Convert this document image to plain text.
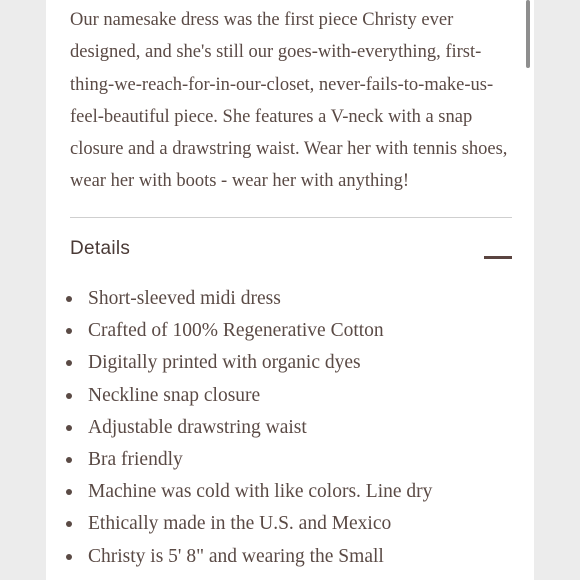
Our namesake dress was the first piece Christy ever designed, and she's still our goes-with-everything, first-thing-we-reach-for-in-our-closet, never-fails-to-make-us-feel-beautiful piece. She features a V-neck with a snap closure and a drawstring waist. Wear her with tennis shoes, wear her with boots - wear her with anything!

Details
Short-sleeved midi dress
Crafted of 100% Regenerative Cotton
Digitally printed with organic dyes
Neckline snap closure
Adjustable drawstring waist
Bra friendly
Machine was cold with like colors. Line dry
Ethically made in the U.S. and Mexico
Christy is 5' 8" and wearing the Small
